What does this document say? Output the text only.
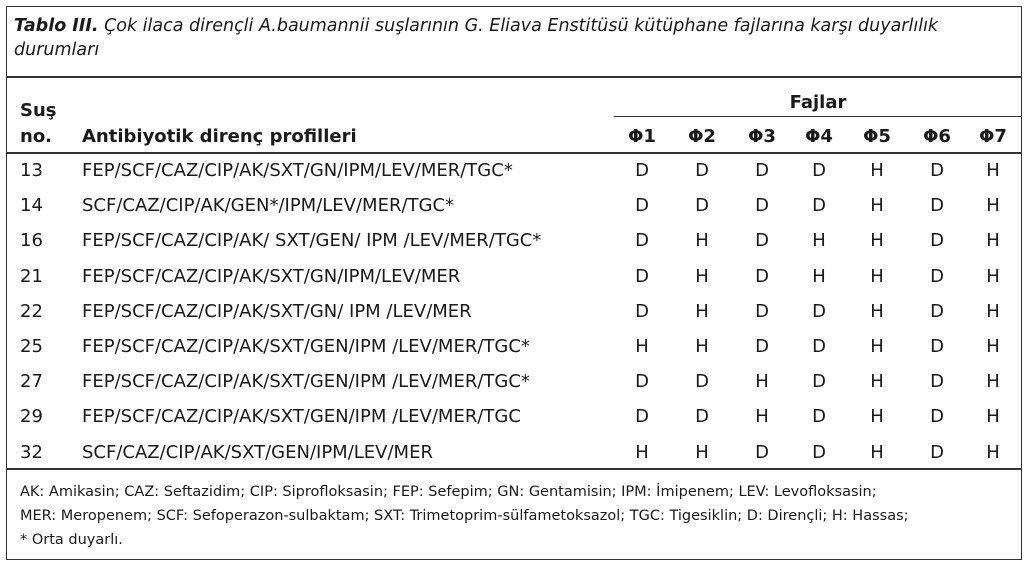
Tablo III. Çok ilaca dirençli A.baumannii suşlarının G. Eliava Enstitüsü kütüphane fajlarına karşı duyarlılık
durumları
Suş
no. Antibiyotik direnç profilleri
Fajlar
Φ1	Φ2	Φ3	Φ4	Φ5	Φ6	Φ7
13 FEP/SCF/CAZ/CIP/AK/SXT/GN/IPM/LEV/MER/TGC*	D	D	D	D	H	D	H
14 SCF/CAZ/CIP/AK/GEN*/IPM/LEV/MER/TGC*	D	D	D	D	H	D	H
16 FEP/SCF/CAZ/CIP/AK/ SXT/GEN/ IPM /LEV/MER/TGC*	D	H	D	H	H	D	H
21 FEP/SCF/CAZ/CIP/AK/SXT/GN/IPM/LEV/MER	D	H	D	H	H	D	H
22 FEP/SCF/CAZ/CIP/AK/SXT/GN/ IPM /LEV/MER	D	H	D	D	H	D	H
25 FEP/SCF/CAZ/CIP/AK/SXT/GEN/IPM /LEV/MER/TGC*	H	H	D	D	H	D	H
27 FEP/SCF/CAZ/CIP/AK/SXT/GEN/IPM /LEV/MER/TGC*	D	D	H	D	H	D	H
29 FEP/SCF/CAZ/CIP/AK/SXT/GEN/IPM /LEV/MER/TGC	D	D	H	D	H	D	H
32 SCF/CAZ/CIP/AK/SXT/GEN/IPM/LEV/MER	H	H	D	D	H	D	H
AK: Amikasin; CAZ: Seftazidim; CIP: Siprofloksasin; FEP: Sefepim; GN: Gentamisin; IPM: İmipenem; LEV: Levofloksasin;
MER: Meropenem; SCF: Sefoperazon-sulbaktam; SXT: Trimetoprim-sülfametoksazol; TGC: Tigesiklin; D: Dirençli; H: Hassas;
* Orta duyarlı.
